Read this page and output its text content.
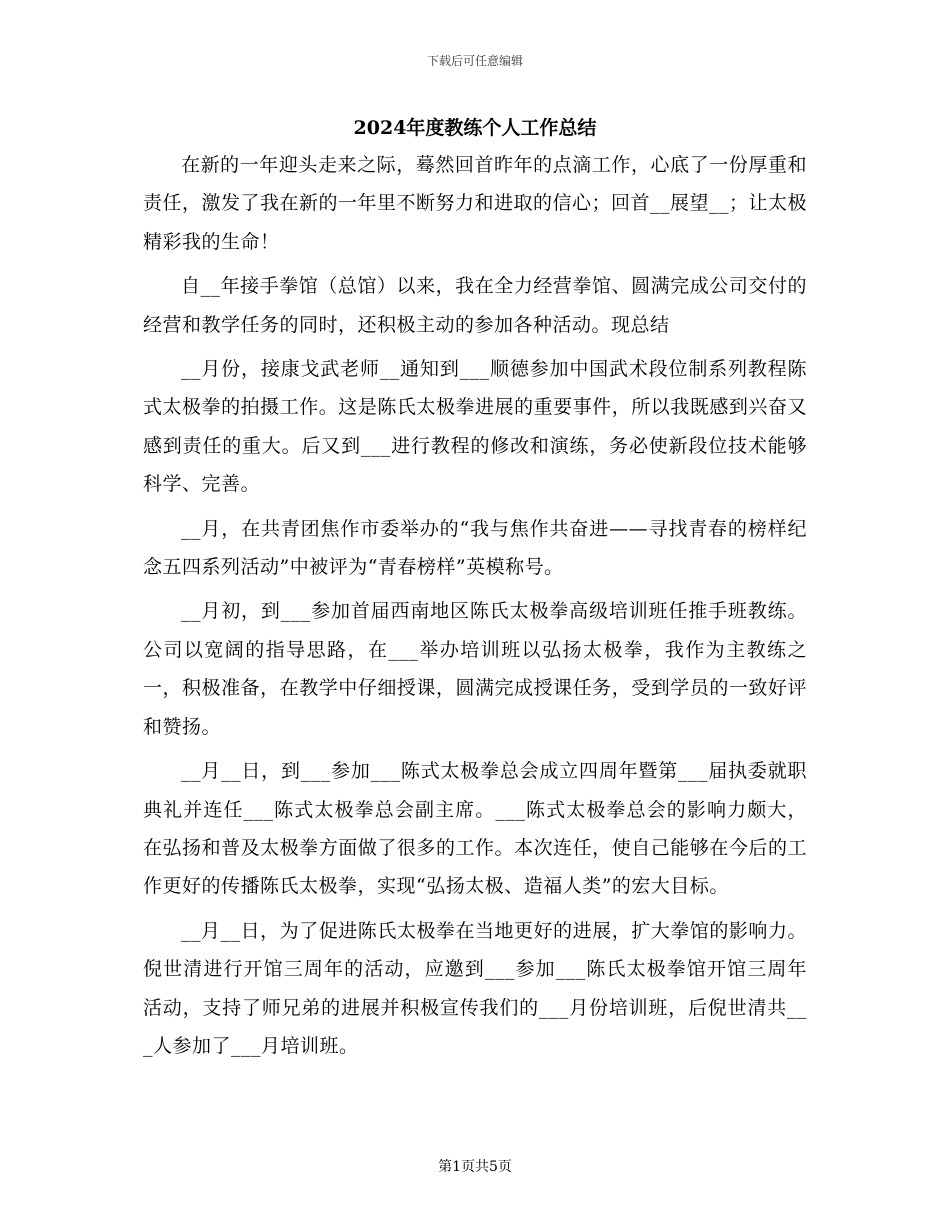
下载后可任意编辑
2024年度教练个人工作总结

在新的一年迎头走来之际，蓦然回首昨年的点滴工作，心底了一份厚重和责任，激发了我在新的一年里不断努力和进取的信心；回首__展望__；让太极精彩我的生命！

自__年接手拳馆（总馆）以来，我在全力经营拳馆、圆满完成公司交付的经营和教学任务的同时，还积极主动的参加各种活动。现总结

__月份，接康戈武老师__通知到___顺德参加中国武术段位制系列教程陈式太极拳的拍摄工作。这是陈氏太极拳进展的重要事件，所以我既感到兴奋又感到责任的重大。后又到___进行教程的修改和演练，务必使新段位技术能够科学、完善。

__月，在共青团焦作市委举办的“我与焦作共奋进——寻找青春的榜样纪念五四系列活动”中被评为“青春榜样”英模称号。

__月初，到___参加首届西南地区陈氏太极拳高级培训班任推手班教练。公司以宽阔的指导思路，在___举办培训班以弘扬太极拳，我作为主教练之一，积极准备，在教学中仔细授课，圆满完成授课任务，受到学员的一致好评和赞扬。

__月__日，到___参加___陈式太极拳总会成立四周年暨第___届执委就职典礼并连任___陈式太极拳总会副主席。___陈式太极拳总会的影响力颇大，在弘扬和普及太极拳方面做了很多的工作。本次连任，使自己能够在今后的工作更好的传播陈氏太极拳，实现“弘扬太极、造福人类”的宏大目标。

__月__日，为了促进陈氏太极拳在当地更好的进展，扩大拳馆的影响力。倪世清进行开馆三周年的活动，应邀到___参加___陈氏太极拳馆开馆三周年活动，支持了师兄弟的进展并积极宣传我们的___月份培训班，后倪世清共___人参加了___月培训班。

第1页共5页
